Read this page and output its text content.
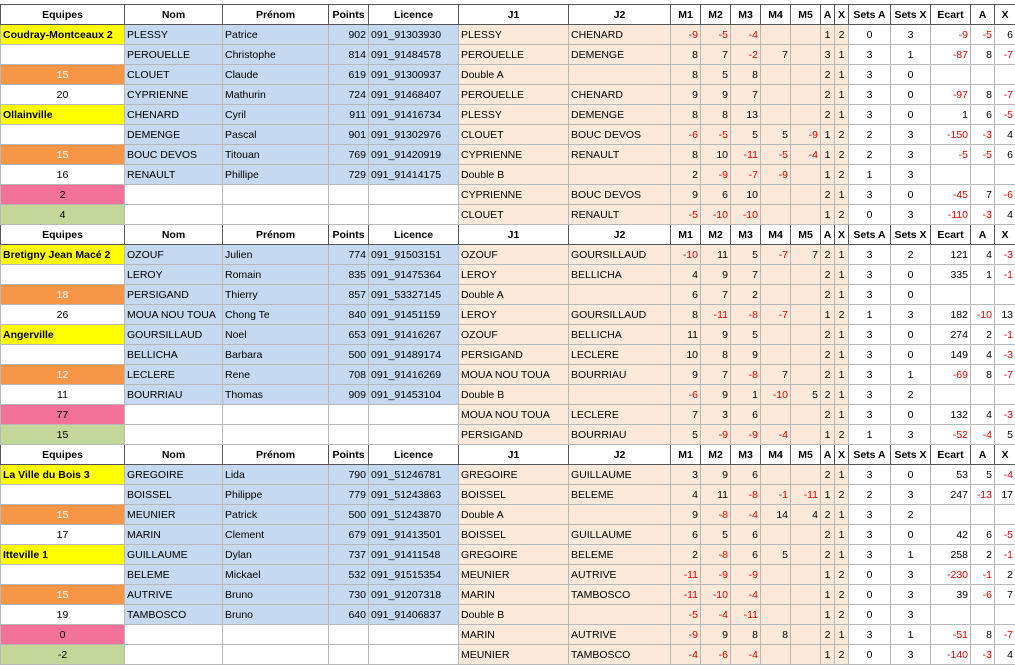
Equipes	Nom	Prénom	Points	Licence	J1	J2	M1	M2	M3	M4	M5	A	X	Sets A	Sets X	Ecart	A	X
Coudray-Montceaux 2	PLESSY	Patrice	902	091_91303930	PLESSY	CHENARD	-9	-5	-4			1	2	0	3	-9	-5	6
	PEROUELLE	Christophe	814	091_91484578	PEROUELLE	DEMENGE	8	7	-2	7		3	1	3	1	-87	8	-7
15	CLOUET	Claude	619	091_91300937	Double A		8	5	8			2	1	3	0			
20	CYPRIENNE	Mathurin	724	091_91468407	PEROUELLE	CHENARD	9	9	7			2	1	3	0	-97	8	-7
Ollainville	CHENARD	Cyril	911	091_91416734	PLESSY	DEMENGE	8	8	13			2	1	3	0	1	6	-5
	DEMENGE	Pascal	901	091_91302976	CLOUET	BOUC DEVOS	-6	-5	5	5	-9	1	2	2	3	-150	-3	4
15	BOUC DEVOS	Titouan	769	091_91420919	CYPRIENNE	RENAULT	8	10	-11	-5	-4	1	2	2	3	-5	-5	6
16	RENAULT	Phillipe	729	091_91414175	Double B		2	-9	-7	-9		1	2	1	3			
2					CYPRIENNE	BOUC DEVOS	9	6	10			2	1	3	0	-45	7	-6
4					CLOUET	RENAULT	-5	-10	-10			1	2	0	3	-110	-3	4
Equipes	Nom	Prénom	Points	Licence	J1	J2	M1	M2	M3	M4	M5	A	X	Sets A	Sets X	Ecart	A	X
Bretigny Jean Macé 2	OZOUF	Julien	774	091_91503151	OZOUF	GOURSILLAUD	-10	11	5	-7	7	2	1	3	2	121	4	-3
	LEROY	Romain	835	091_91475364	LEROY	BELLICHA	4	9	7			2	1	3	0	335	1	-1
18	PERSIGAND	Thierry	857	091_53327145	Double A		6	7	2			2	1	3	0			
26	MOUA NOU TOUA	Chong Te	840	091_91451159	LEROY	GOURSILLAUD	8	-11	-8	-7		1	2	1	3	182	-10	13
Angerville	GOURSILLAUD	Noel	653	091_91416267	OZOUF	BELLICHA	11	9	5			2	1	3	0	274	2	-1
	BELLICHA	Barbara	500	091_91489174	PERSIGAND	LECLERE	10	8	9			2	1	3	0	149	4	-3
12	LECLERE	Rene	708	091_91416269	MOUA NOU TOUA	BOURRIAU	9	7	-8	7		2	1	3	1	-69	8	-7
11	BOURRIAU	Thomas	909	091_91453104	Double B		-6	9	1	-10	5	2	1	3	2			
77					MOUA NOU TOUA	LECLERE	7	3	6			2	1	3	0	132	4	-3
15					PERSIGAND	BOURRIAU	5	-9	-9	-4		1	2	1	3	-52	-4	5
Equipes	Nom	Prénom	Points	Licence	J1	J2	M1	M2	M3	M4	M5	A	X	Sets A	Sets X	Ecart	A	X
La Ville du Bois 3	GREGOIRE	Lida	790	091_51246781	GREGOIRE	GUILLAUME	3	9	6			2	1	3	0	53	5	-4
	BOISSEL	Philippe	779	091_51243863	BOISSEL	BELEME	4	11	-8	-1	-11	1	2	2	3	247	-13	17
15	MEUNIER	Patrick	500	091_51243870	Double A		9	-8	-4	14	4	2	1	3	2			
17	MARIN	Clement	679	091_91413501	BOISSEL	GUILLAUME	6	5	6			2	1	3	0	42	6	-5
Itteville 1	GUILLAUME	Dylan	737	091_91411548	GREGOIRE	BELEME	2	-8	6	5		2	1	3	1	258	2	-1
	BELEME	Mickael	532	091_91515354	MEUNIER	AUTRIVE	-11	-9	-9			1	2	0	3	-230	-1	2
15	AUTRIVE	Bruno	730	091_91207318	MARIN	TAMBOSCO	-11	-10	-4			1	2	0	3	39	-6	7
19	TAMBOSCO	Bruno	640	091_91406837	Double B		-5	-4	-11			1	2	0	3			
0					MARIN	AUTRIVE	-9	9	8	8		2	1	3	1	-51	8	-7
-2					MEUNIER	TAMBOSCO	-4	-6	-4			1	2	0	3	-140	-3	4
